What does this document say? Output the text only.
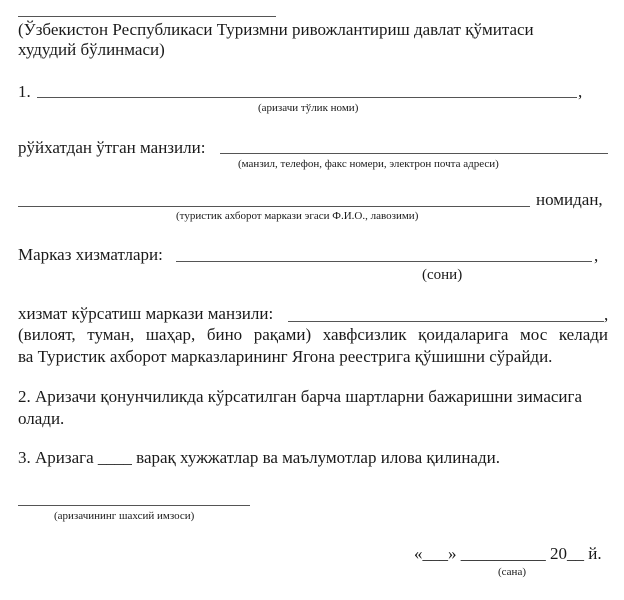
(Ўзбекистон Республикаси Туризмни ривожлантириш давлат қўмитаси
худудий бўлинмаси)
1.	,
(аризачи тўлик номи)
рўйхатдан ўтган манзили:
(манзил, телефон, факс номери, электрон почта адреси)
номидан,
(туристик ахборот маркази эгаси Ф.И.О., лавозими)
Марказ хизматлари:	,
(сони)
хизмат кўрсатиш маркази манзили:	,
(вилоят, туман, шаҳар, бино рақами) хавфсизлик қоидаларига мос келади
ва Туристик ахборот марказларининг Ягона реестрига қўшишни сўрайди.
2. Аризачи қонунчиликда кўрсатилган барча шартларни бажаришни зимасига
олади.
3. Аризага ____ варақ хужжатлар ва маълумотлар илова қилинади.
(аризачининг шахсий имзоси)
«___» __________ 20__ й.
(сана)
